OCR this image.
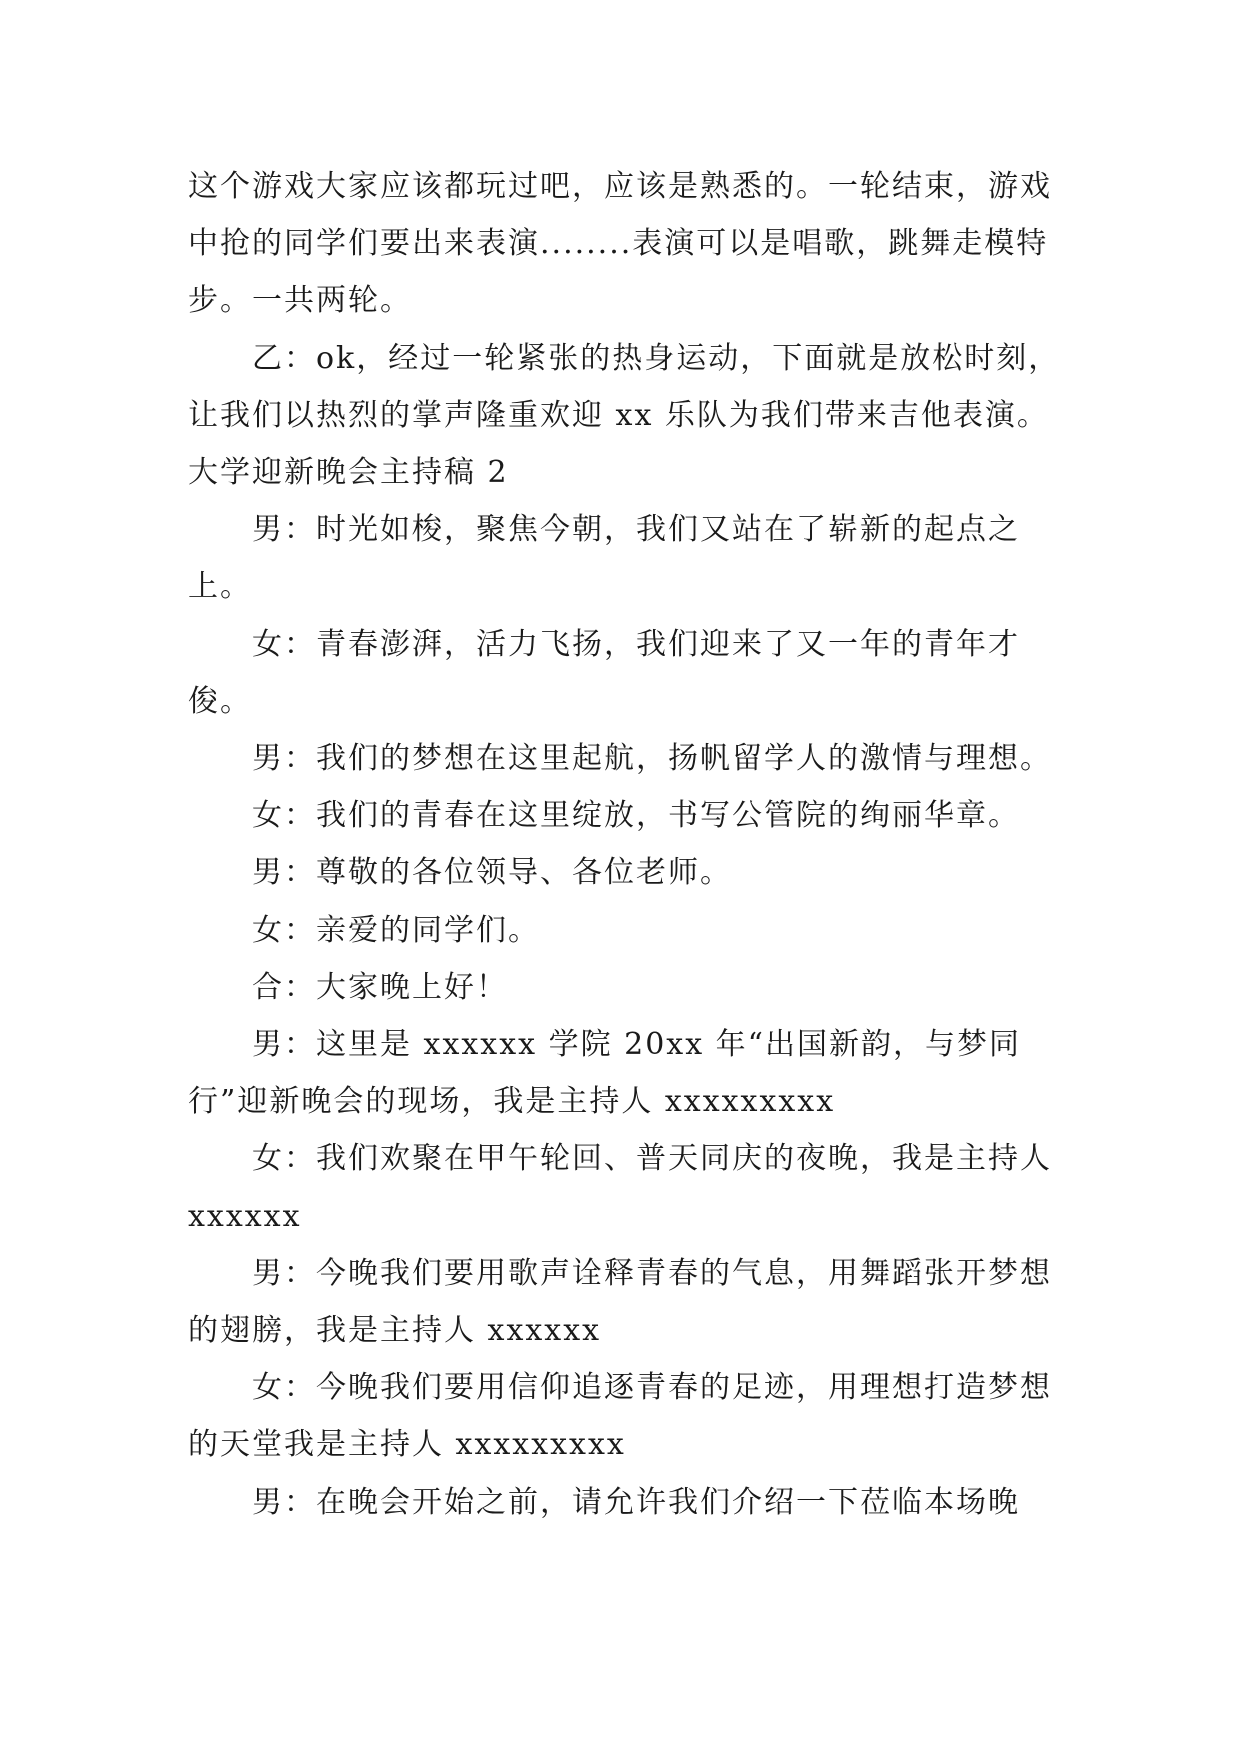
这个游戏大家应该都玩过吧，应该是熟悉的。一轮结束，游戏中抢的同学们要出来表演........表演可以是唱歌，跳舞走模特步。一共两轮。

乙：ok，经过一轮紧张的热身运动，下面就是放松时刻，让我们以热烈的掌声隆重欢迎 xx 乐队为我们带来吉他表演。

大学迎新晚会主持稿 2

男：时光如梭，聚焦今朝，我们又站在了崭新的起点之上。

女：青春澎湃，活力飞扬，我们迎来了又一年的青年才俊。

男：我们的梦想在这里起航，扬帆留学人的激情与理想。

女：我们的青春在这里绽放，书写公管院的绚丽华章。

男：尊敬的各位领导、各位老师。

女：亲爱的同学们。

合：大家晚上好！

男：这里是 xxxxxx 学院 20xx 年“出国新韵，与梦同行”迎新晚会的现场，我是主持人 xxxxxxxxx

女：我们欢聚在甲午轮回、普天同庆的夜晚，我是主持人 xxxxxx

男：今晚我们要用歌声诠释青春的气息，用舞蹈张开梦想的翅膀，我是主持人 xxxxxx

女：今晚我们要用信仰追逐青春的足迹，用理想打造梦想的天堂我是主持人 xxxxxxxxx

男：在晚会开始之前，请允许我们介绍一下莅临本场晚
